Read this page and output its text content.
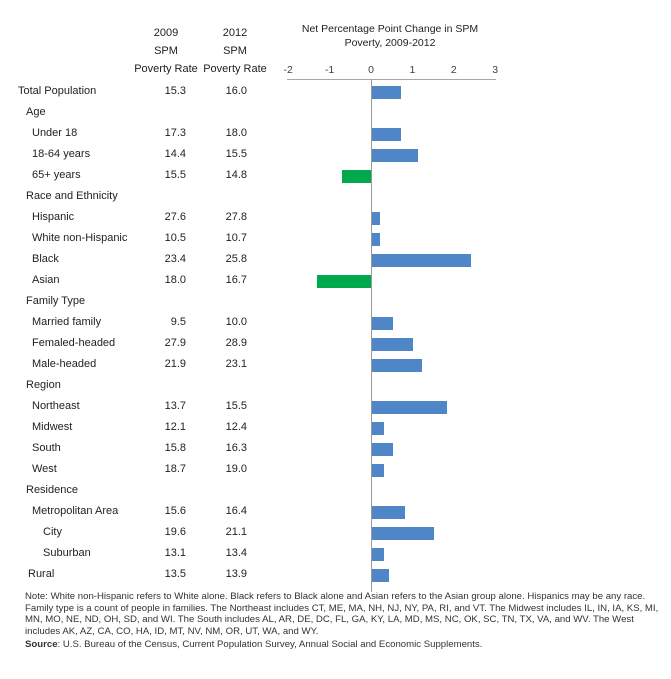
2009
SPM
Poverty Rate
2012
SPM
Poverty Rate
Net Percentage Point Change in SPM
Poverty, 2009-2012
-2	-1	0	1	2	3
Total Population	15.3	16.0
Age
Under 18	17.3	18.0
18-64 years	14.4	15.5
65+ years	15.5	14.8
Race and Ethnicity
Hispanic	27.6	27.8
White non-Hispanic	10.5	10.7
Black	23.4	25.8
Asian	18.0	16.7
Family Type
Married family	9.5	10.0
Femaled-headed	27.9	28.9
Male-headed	21.9	23.1
Region
Northeast	13.7	15.5
Midwest	12.1	12.4
South	15.8	16.3
West	18.7	19.0
Residence
Metropolitan Area	15.6	16.4
City	19.6	21.1
Suburban	13.1	13.4
Rural	13.5	13.9
Note: White non-Hispanic refers to White alone. Black refers to Black alone and Asian refers to the Asian group alone. Hispanics may be any race. Family type is a count of people in families. The Northeast includes CT, ME, MA, NH, NJ, NY, PA, RI, and VT. The Midwest includes IL, IN, IA, KS, MI, MN, MO, NE, ND, OH, SD, and WI. The South includes AL, AR, DE, DC, FL, GA, KY, LA, MD, MS, NC, OK, SC, TN, TX, VA, and WV. The West includes AK, AZ, CA, CO, HA, ID, MT, NV, NM, OR, UT, WA, and WY.
Source: U.S. Bureau of the Census, Current Population Survey, Annual Social and Economic Supplements.
